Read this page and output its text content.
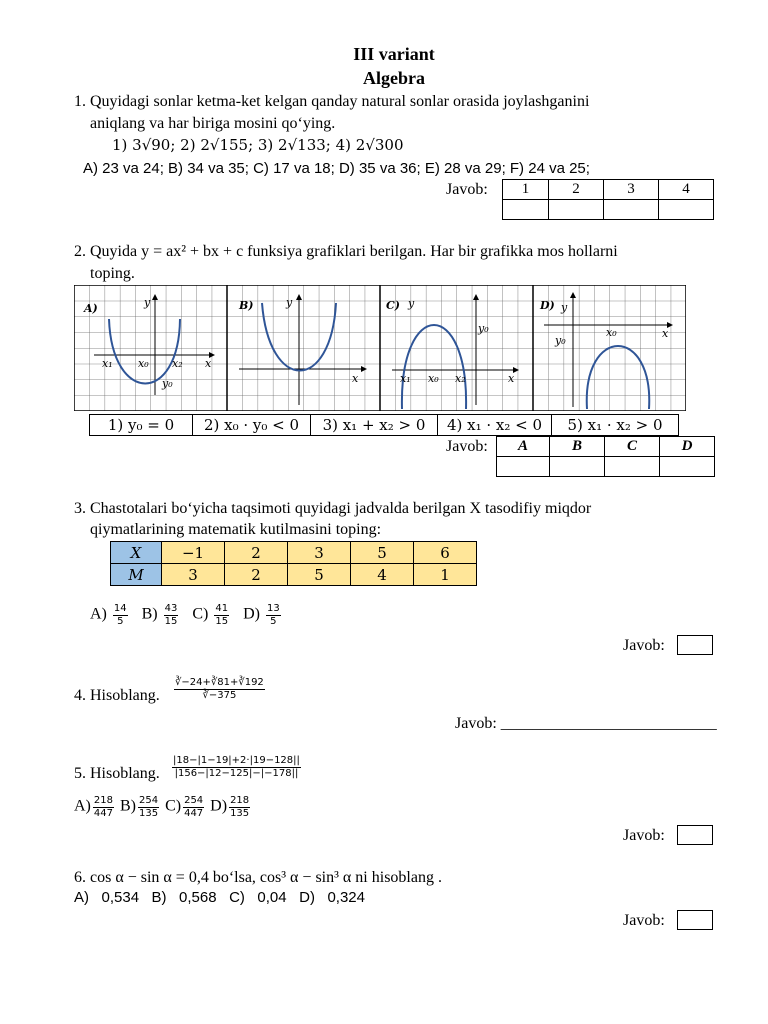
III variant
Algebra
1. Quyidagi sonlar ketma-ket kelgan qanday natural sonlar orasida joylashganini
aniqlang va har biriga mosini qo‘ying.
1) 3√90; 2) 2√155; 3) 2√133; 4) 2√300
A) 23 va 24; B) 34 va 35; C) 17 va 18; D) 35 va 36; E) 28 va 29; F) 24 va 25;
Javob: 1	2	3	4

2. Quyida y = ax² + bx + c funksiya grafiklari berilgan. Har bir grafikka mos hollarni
toping.
A)	y
x₁ x₀ x₂ x
y₀
B)	y
x
C) y
y₀
x₁ x₀ x₂	x
D) y
x₀	x
y₀
1) y₀ = 0	2) x₀ · y₀ < 0	3) x₁ + x₂ > 0	4) x₁ · x₂ < 0	5) x₁ · x₂ > 0
Javob: A	B	C	D

3. Chastotalari bo‘yicha taqsimoti quyidagi jadvalda berilgan X tasodifiy miqdor
qiymatlarining matematik kutilmasini toping:
X	−1	2	3	5	6
M	3	2	5	4	1
$A) \frac{14}{5} B) \frac{43}{15} C) \frac{41}{15} D) \frac{13}{5}$
Javob:
4. Hisoblang. $\frac{∛-24+∛81+∛192}{∛-375}$
Javob: ___________________________
5. Hisoblang. $\frac{|18-|1-19|+2\cdot|19-128||}{|156-|12-125|-|-178||}$
$A) \frac{218}{447} B) \frac{254}{135} C) \frac{254}{447} D) \frac{218}{135}$
Javob:
6. cos α − sin α = 0,4 bo‘lsa, cos³ α − sin³ α ni hisoblang .
A)   0,534   B)   0,568   C)   0,04   D)   0,324
Javob:
